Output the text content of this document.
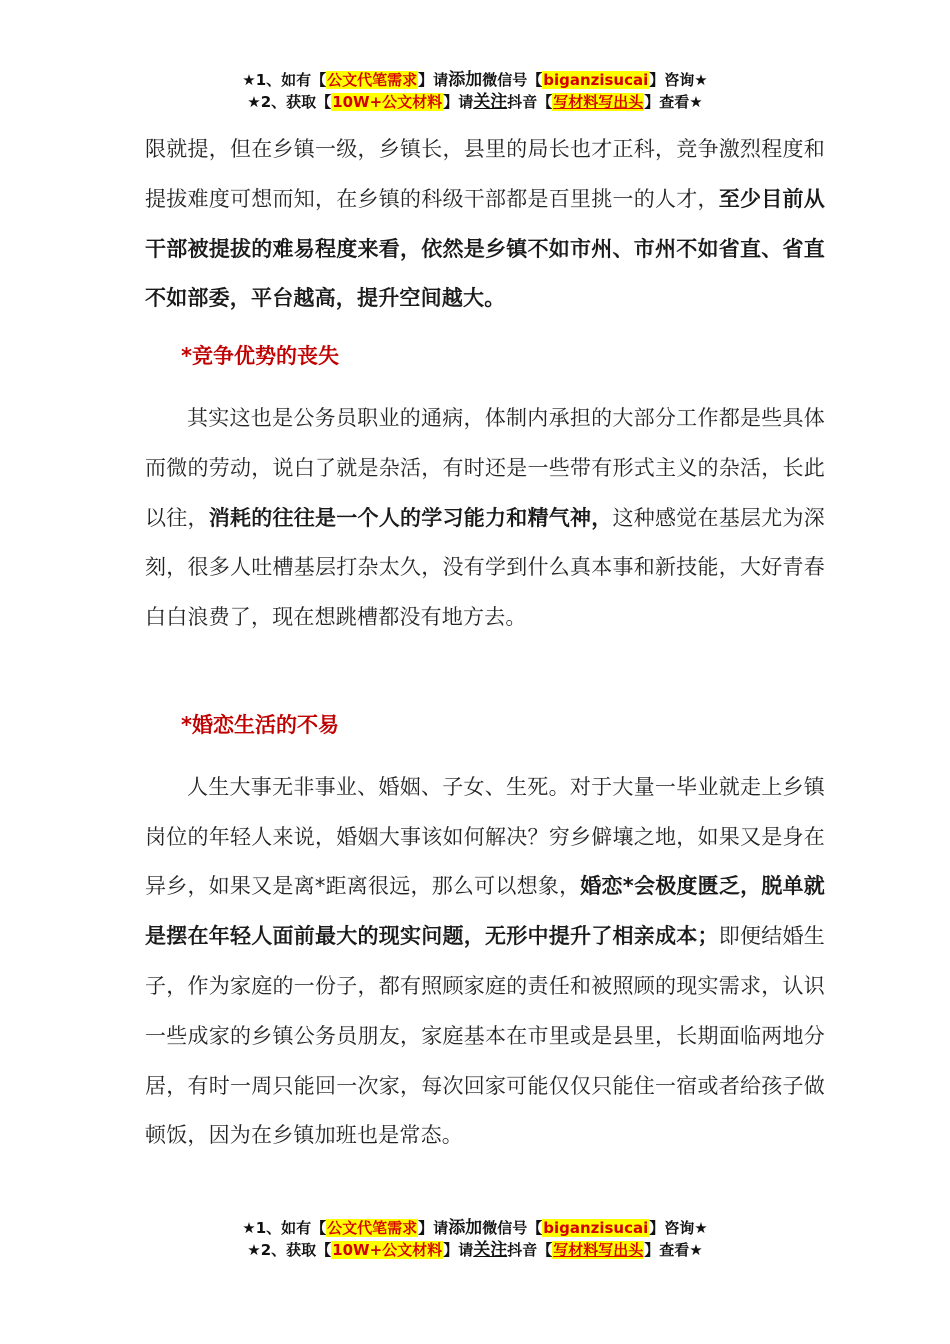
★1、如有【公文代笔需求】请添加微信号【biganzisucai】咨询★
★2、获取【10W+公文材料】请关注抖音【写材料写出头】查看★

限就提，但在乡镇一级，乡镇长，县里的局长也才正科，竞争激烈程度和提拔难度可想而知，在乡镇的科级干部都是百里挑一的人才，至少目前从干部被提拔的难易程度来看，依然是乡镇不如市州、市州不如省直、省直不如部委，平台越高，提升空间越大。

*竞争优势的丧失

其实这也是公务员职业的通病，体制内承担的大部分工作都是些具体而微的劳动，说白了就是杂活，有时还是一些带有形式主义的杂活，长此以往，消耗的往往是一个人的学习能力和精气神，这种感觉在基层尤为深刻，很多人吐槽基层打杂太久，没有学到什么真本事和新技能，大好青春白白浪费了，现在想跳槽都没有地方去。

*婚恋生活的不易

人生大事无非事业、婚姻、子女、生死。对于大量一毕业就走上乡镇岗位的年轻人来说，婚姻大事该如何解决？穷乡僻壤之地，如果又是身在异乡，如果又是离*距离很远，那么可以想象，婚恋*会极度匮乏，脱单就是摆在年轻人面前最大的现实问题，无形中提升了相亲成本；即便结婚生子，作为家庭的一份子，都有照顾家庭的责任和被照顾的现实需求，认识一些成家的乡镇公务员朋友，家庭基本在市里或是县里，长期面临两地分居，有时一周只能回一次家，每次回家可能仅仅只能住一宿或者给孩子做顿饭，因为在乡镇加班也是常态。

★1、如有【公文代笔需求】请添加微信号【biganzisucai】咨询★
★2、获取【10W+公文材料】请关注抖音【写材料写出头】查看★
